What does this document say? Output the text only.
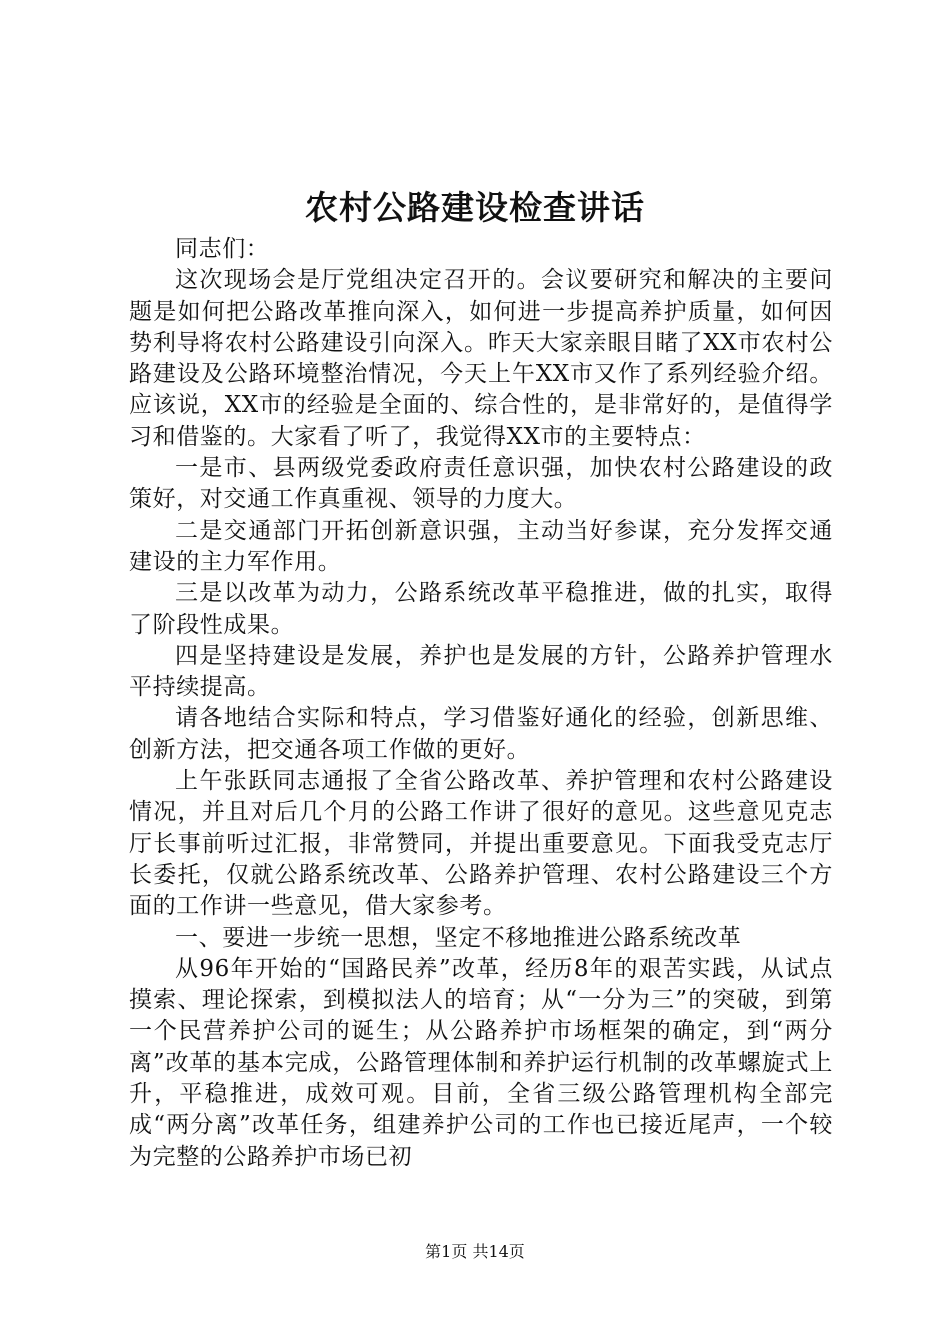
农村公路建设检查讲话

同志们：

这次现场会是厅党组决定召开的。会议要研究和解决的主要问题是如何把公路改革推向深入，如何进一步提高养护质量，如何因势利导将农村公路建设引向深入。昨天大家亲眼目睹了XX市农村公路建设及公路环境整治情况，今天上午XX市又作了系列经验介绍。应该说，XX市的经验是全面的、综合性的，是非常好的，是值得学习和借鉴的。大家看了听了，我觉得XX市的主要特点：

一是市、县两级党委政府责任意识强，加快农村公路建设的政策好，对交通工作真重视、领导的力度大。

二是交通部门开拓创新意识强，主动当好参谋，充分发挥交通建设的主力军作用。

三是以改革为动力，公路系统改革平稳推进，做的扎实，取得了阶段性成果。

四是坚持建设是发展，养护也是发展的方针，公路养护管理水平持续提高。

请各地结合实际和特点，学习借鉴好通化的经验，创新思维、创新方法，把交通各项工作做的更好。

上午张跃同志通报了全省公路改革、养护管理和农村公路建设情况，并且对后几个月的公路工作讲了很好的意见。这些意见克志厅长事前听过汇报，非常赞同，并提出重要意见。下面我受克志厅长委托，仅就公路系统改革、公路养护管理、农村公路建设三个方面的工作讲一些意见，借大家参考。

一、要进一步统一思想，坚定不移地推进公路系统改革

从96年开始的“国路民养”改革，经历8年的艰苦实践，从试点摸索、理论探索，到模拟法人的培育；从“一分为三”的突破，到第一个民营养护公司的诞生；从公路养护市场框架的确定，到“两分离”改革的基本完成，公路管理体制和养护运行机制的改革螺旋式上升，平稳推进，成效可观。目前，全省三级公路管理机构全部完成“两分离”改革任务，组建养护公司的工作也已接近尾声，一个较为完整的公路养护市场已初

第1页 共14页
